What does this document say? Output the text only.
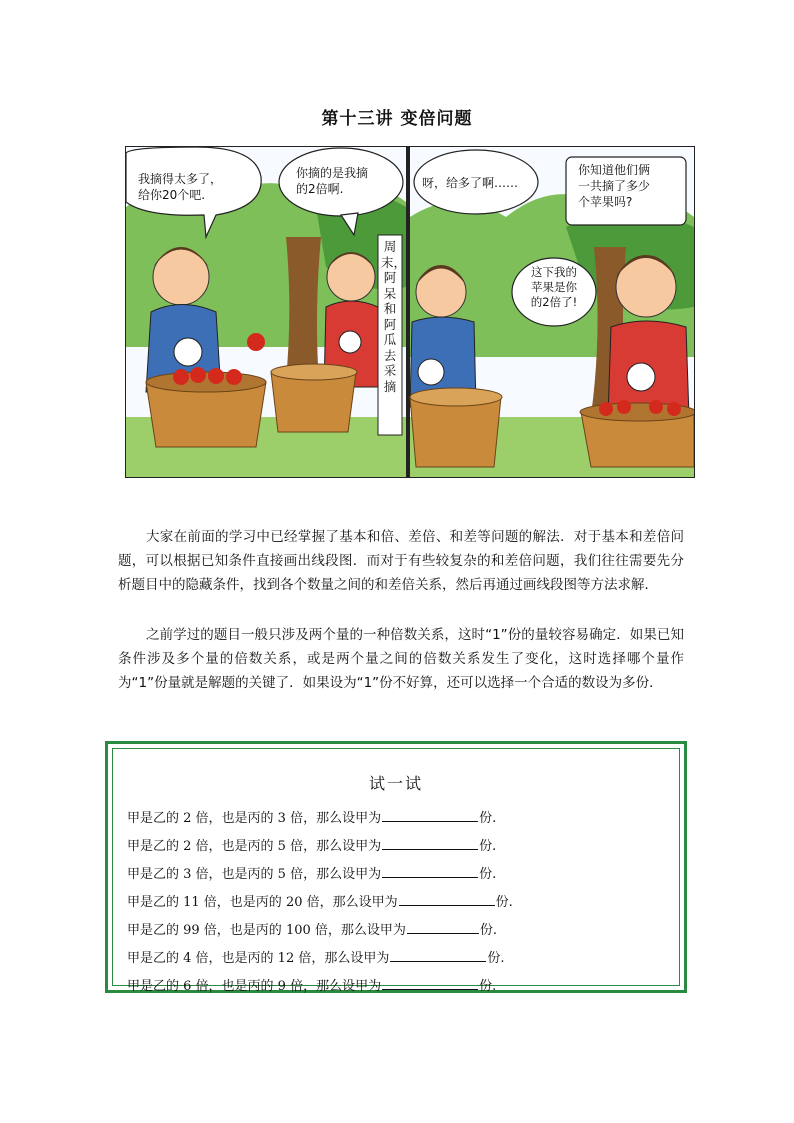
第十三讲 变倍问题
我摘得太多了，
给你20个吧.
你摘的是我摘
的2倍啊.
周末，阿呆和阿瓜去采摘
呀，给多了啊……
这下我的
苹果是你
的2倍了!
你知道他们俩
一共摘了多少
个苹果吗?
大家在前面的学习中已经掌握了基本和倍、差倍、和差等问题的解法．对于基本和差倍问题，可以根据已知条件直接画出线段图．而对于有些较复杂的和差倍问题，我们往往需要先分析题目中的隐藏条件，找到各个数量之间的和差倍关系，然后再通过画线段图等方法求解．
之前学过的题目一般只涉及两个量的一种倍数关系，这时“1”份的量较容易确定．如果已知条件涉及多个量的倍数关系，或是两个量之间的倍数关系发生了变化，这时选择哪个量作为“1”份量就是解题的关键了．如果设为“1”份不好算，还可以选择一个合适的数设为多份．
试一试
甲是乙的 2 倍，也是丙的 3 倍，那么设甲为	份.
甲是乙的 2 倍，也是丙的 5 倍，那么设甲为	份.
甲是乙的 3 倍，也是丙的 5 倍，那么设甲为	份.
甲是乙的 11 倍，也是丙的 20 倍，那么设甲为	份.
甲是乙的 99 倍，也是丙的 100 倍，那么设甲为	份.
甲是乙的 4 倍，也是丙的 12 倍，那么设甲为	份.
甲是乙的 6 倍，也是丙的 9 倍，那么设甲为	份.
